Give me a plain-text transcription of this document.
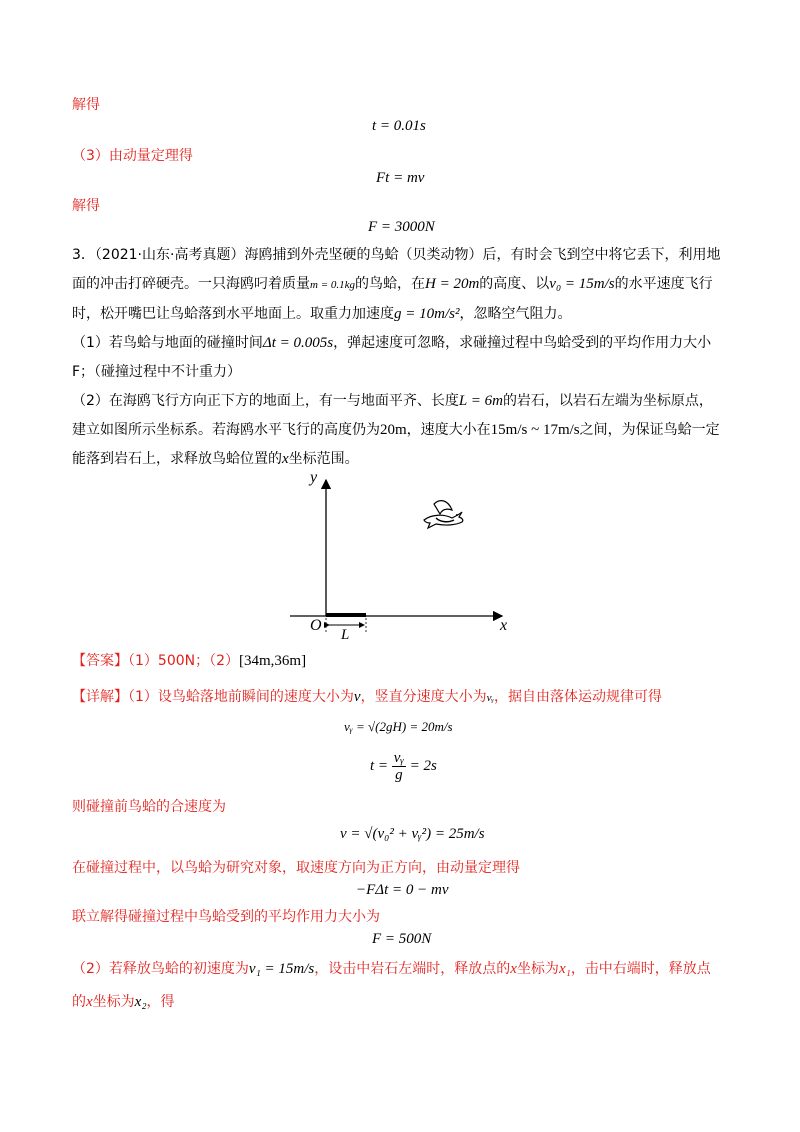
解得
t = 0.01s
（3）由动量定理得
Ft = mv
解得
F = 3000N
3．（2021·山东·高考真题）海鸥捕到外壳坚硬的鸟蛤（贝类动物）后，有时会飞到空中将它丢下，利用地
面的冲击打碎硬壳。一只海鸥叼着质量m = 0.1kg的鸟蛤，在H = 20m的高度、以v₀ = 15m/s的水平速度飞行
时，松开嘴巴让鸟蛤落到水平地面上。取重力加速度g = 10m/s²，忽略空气阻力。
（1）若鸟蛤与地面的碰撞时间Δt = 0.005s，弹起速度可忽略，求碰撞过程中鸟蛤受到的平均作用力大小
F；（碰撞过程中不计重力）
（2）在海鸥飞行方向正下方的地面上，有一与地面平齐、长度L = 6m的岩石，以岩石左端为坐标原点，
建立如图所示坐标系。若海鸥水平飞行的高度仍为20m，速度大小在15m/s ~ 17m/s之间，为保证鸟蛤一定
能落到岩石上，求释放鸟蛤位置的x坐标范围。
y
x
O
L
【答案】（1）500N；（2）[34m,36m]
【详解】（1）设鸟蛤落地前瞬间的速度大小为v，竖直分速度大小为vᵧ，据自由落体运动规律可得
vᵧ = √(2gH) = 20m/s
$t = \frac{\text{vᵧ}}{g} = 2s$
则碰撞前鸟蛤的合速度为
v = √(v₀² + vᵧ²) = 25m/s
在碰撞过程中，以鸟蛤为研究对象，取速度方向为正方向，由动量定理得
−FΔt = 0 − mv
联立解得碰撞过程中鸟蛤受到的平均作用力大小为
F = 500N
（2）若释放鸟蛤的初速度为v₁ = 15m/s，设击中岩石左端时，释放点的x坐标为x₁，击中右端时，释放点
的x坐标为x₂，得
